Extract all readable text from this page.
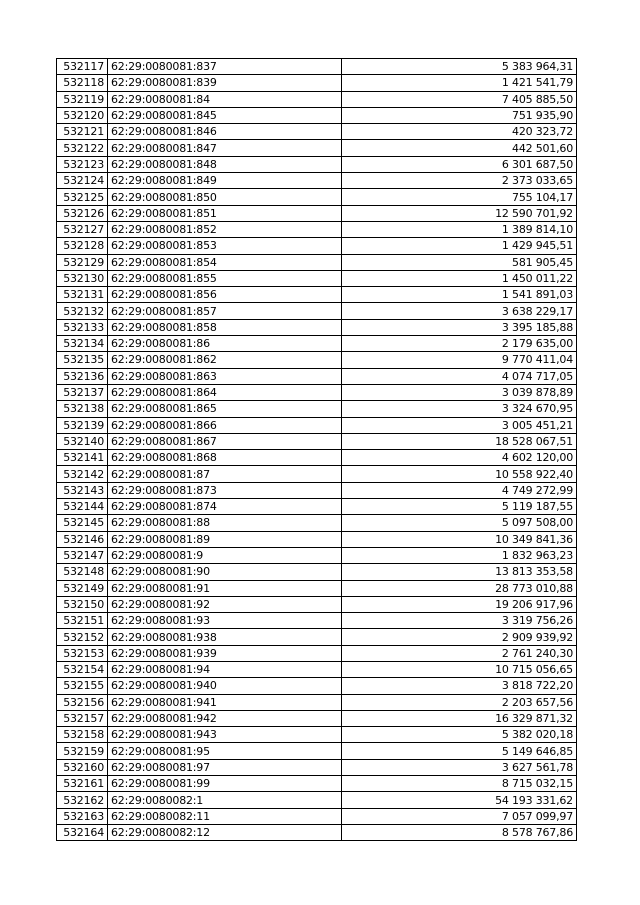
532117	62:29:0080081:837	5 383 964,31
532118	62:29:0080081:839	1 421 541,79
532119	62:29:0080081:84	7 405 885,50
532120	62:29:0080081:845	751 935,90
532121	62:29:0080081:846	420 323,72
532122	62:29:0080081:847	442 501,60
532123	62:29:0080081:848	6 301 687,50
532124	62:29:0080081:849	2 373 033,65
532125	62:29:0080081:850	755 104,17
532126	62:29:0080081:851	12 590 701,92
532127	62:29:0080081:852	1 389 814,10
532128	62:29:0080081:853	1 429 945,51
532129	62:29:0080081:854	581 905,45
532130	62:29:0080081:855	1 450 011,22
532131	62:29:0080081:856	1 541 891,03
532132	62:29:0080081:857	3 638 229,17
532133	62:29:0080081:858	3 395 185,88
532134	62:29:0080081:86	2 179 635,00
532135	62:29:0080081:862	9 770 411,04
532136	62:29:0080081:863	4 074 717,05
532137	62:29:0080081:864	3 039 878,89
532138	62:29:0080081:865	3 324 670,95
532139	62:29:0080081:866	3 005 451,21
532140	62:29:0080081:867	18 528 067,51
532141	62:29:0080081:868	4 602 120,00
532142	62:29:0080081:87	10 558 922,40
532143	62:29:0080081:873	4 749 272,99
532144	62:29:0080081:874	5 119 187,55
532145	62:29:0080081:88	5 097 508,00
532146	62:29:0080081:89	10 349 841,36
532147	62:29:0080081:9	1 832 963,23
532148	62:29:0080081:90	13 813 353,58
532149	62:29:0080081:91	28 773 010,88
532150	62:29:0080081:92	19 206 917,96
532151	62:29:0080081:93	3 319 756,26
532152	62:29:0080081:938	2 909 939,92
532153	62:29:0080081:939	2 761 240,30
532154	62:29:0080081:94	10 715 056,65
532155	62:29:0080081:940	3 818 722,20
532156	62:29:0080081:941	2 203 657,56
532157	62:29:0080081:942	16 329 871,32
532158	62:29:0080081:943	5 382 020,18
532159	62:29:0080081:95	5 149 646,85
532160	62:29:0080081:97	3 627 561,78
532161	62:29:0080081:99	8 715 032,15
532162	62:29:0080082:1	54 193 331,62
532163	62:29:0080082:11	7 057 099,97
532164	62:29:0080082:12	8 578 767,86
